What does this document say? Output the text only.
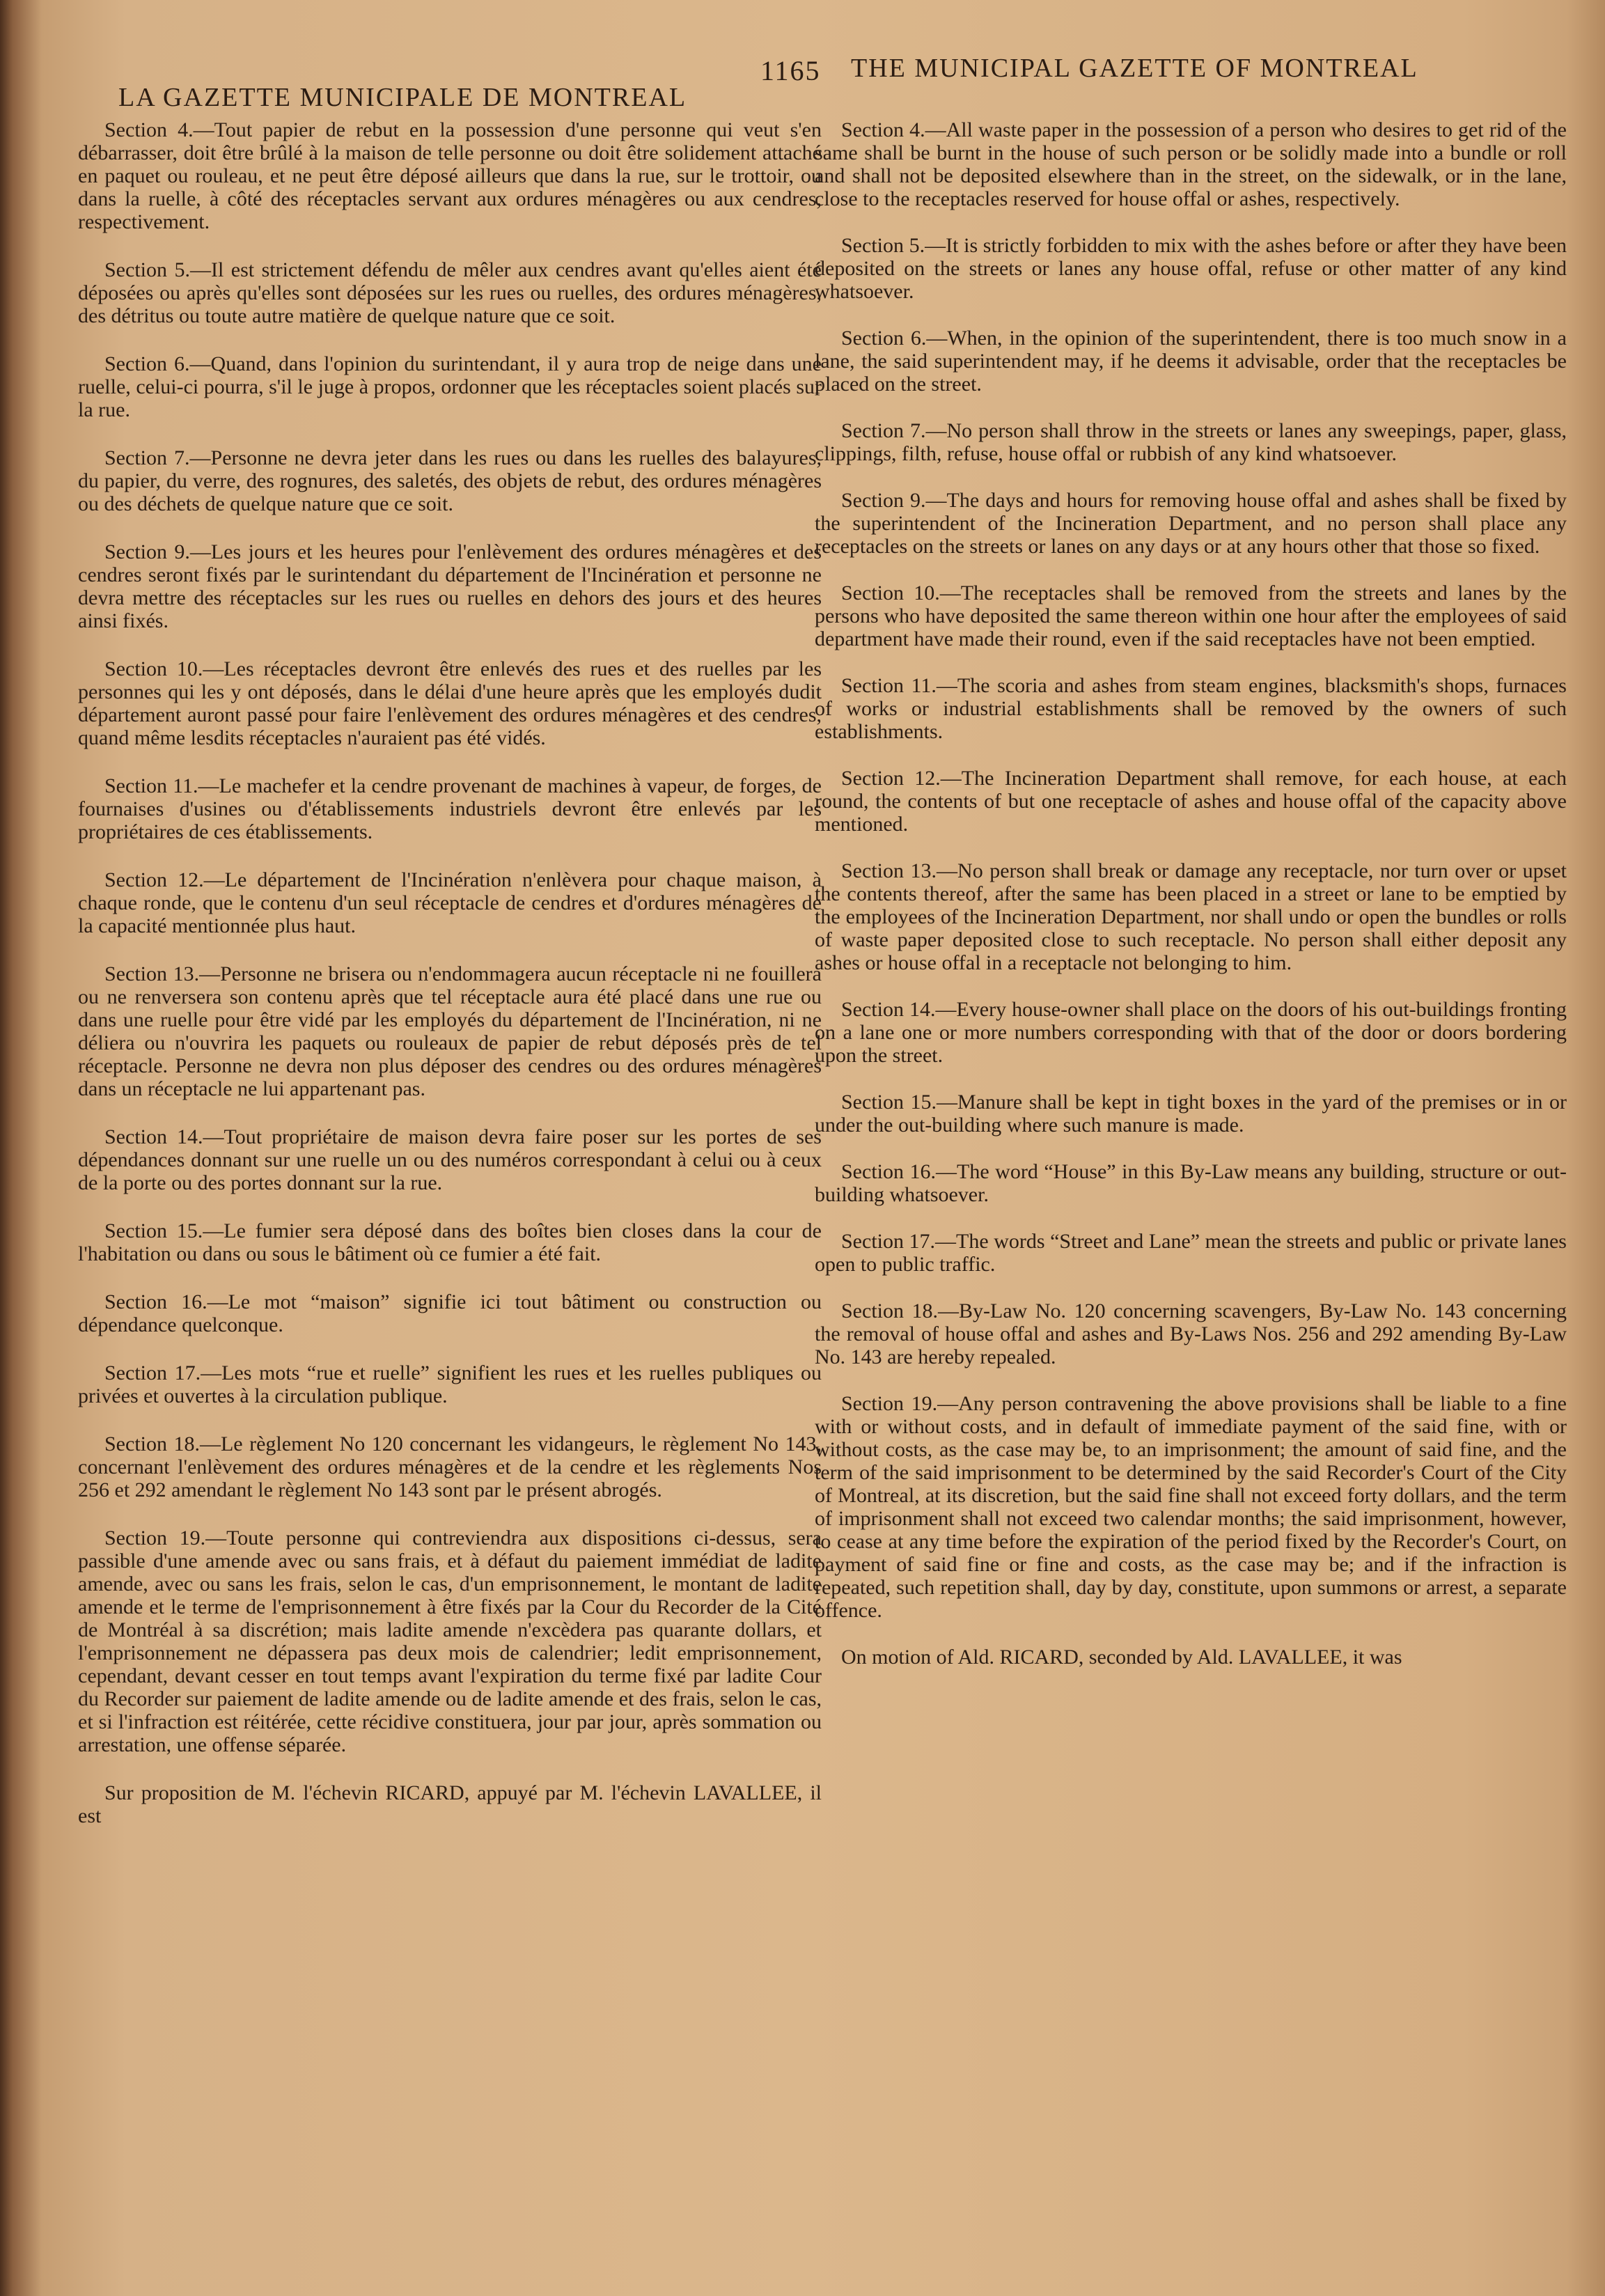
LA GAZETTE MUNICIPALE DE MONTREAL
1165 THE MUNICIPAL GAZETTE OF MONTREAL

Section 4.—Tout papier de rebut en la possession d'une personne qui veut s'en débarrasser, doit être brûlé à la maison de telle personne ou doit être solidement attaché en paquet ou rouleau, et ne peut être déposé ailleurs que dans la rue, sur le trottoir, ou dans la ruelle, à côté des réceptacles servant aux ordures ménagères ou aux cendres, respectivement.

Section 5.—Il est strictement défendu de mêler aux cendres avant qu'elles aient été déposées ou après qu'elles sont déposées sur les rues ou ruelles, des ordures ménagères, des détritus ou toute autre matière de quelque nature que ce soit.

Section 6.—Quand, dans l'opinion du surintendant, il y aura trop de neige dans une ruelle, celui-ci pourra, s'il le juge à propos, ordonner que les réceptacles soient placés sur la rue.

Section 7.—Personne ne devra jeter dans les rues ou dans les ruelles des balayures, du papier, du verre, des rognures, des saletés, des objets de rebut, des ordures ménagères ou des déchets de quelque nature que ce soit.

Section 9.—Les jours et les heures pour l'enlèvement des ordures ménagères et des cendres seront fixés par le surintendant du département de l'Incinération et personne ne devra mettre des réceptacles sur les rues ou ruelles en dehors des jours et des heures ainsi fixés.

Section 10.—Les réceptacles devront être enlevés des rues et des ruelles par les personnes qui les y ont déposés, dans le délai d'une heure après que les employés dudit département auront passé pour faire l'enlèvement des ordures ménagères et des cendres, quand même lesdits réceptacles n'auraient pas été vidés.

Section 11.—Le machefer et la cendre provenant de machines à vapeur, de forges, de fournaises d'usines ou d'établissements industriels devront être enlevés par les propriétaires de ces établissements.

Section 12.—Le département de l'Incinération n'enlèvera pour chaque maison, à chaque ronde, que le contenu d'un seul réceptacle de cendres et d'ordures ménagères de la capacité mentionnée plus haut.

Section 13.—Personne ne brisera ou n'endommagera aucun réceptacle ni ne fouillera ou ne renversera son contenu après que tel réceptacle aura été placé dans une rue ou dans une ruelle pour être vidé par les employés du département de l'Incinération, ni ne déliera ou n'ouvrira les paquets ou rouleaux de papier de rebut déposés près de tel réceptacle. Personne ne devra non plus déposer des cendres ou des ordures ménagères dans un réceptacle ne lui appartenant pas.

Section 14.—Tout propriétaire de maison devra faire poser sur les portes de ses dépendances donnant sur une ruelle un ou des numéros correspondant à celui ou à ceux de la porte ou des portes donnant sur la rue.

Section 15.—Le fumier sera déposé dans des boîtes bien closes dans la cour de l'habitation ou dans ou sous le bâtiment où ce fumier a été fait.

Section 16.—Le mot “maison” signifie ici tout bâtiment ou construction ou dépendance quelconque.

Section 17.—Les mots “rue et ruelle” signifient les rues et les ruelles publiques ou privées et ouvertes à la circulation publique.

Section 18.—Le règlement No 120 concernant les vidangeurs, le règlement No 143, concernant l'enlèvement des ordures ménagères et de la cendre et les règlements Nos 256 et 292 amendant le règlement No 143 sont par le présent abrogés.

Section 19.—Toute personne qui contreviendra aux dispositions ci-dessus, sera passible d'une amende avec ou sans frais, et à défaut du paiement immédiat de ladite amende, avec ou sans les frais, selon le cas, d'un emprisonnement, le montant de ladite amende et le terme de l'emprisonnement à être fixés par la Cour du Recorder de la Cité de Montréal à sa discrétion; mais ladite amende n'excèdera pas quarante dollars, et l'emprisonnement ne dépassera pas deux mois de calendrier; ledit emprisonnement, cependant, devant cesser en tout temps avant l'expiration du terme fixé par ladite Cour du Recorder sur paiement de ladite amende ou de ladite amende et des frais, selon le cas, et si l'infraction est réitérée, cette récidive constituera, jour par jour, après sommation ou arrestation, une offense séparée.

Sur proposition de M. l'échevin RICARD, appuyé par M. l'échevin LAVALLEE, il est

Section 4.—All waste paper in the possession of a person who desires to get rid of the same shall be burnt in the house of such person or be solidly made into a bundle or roll and shall not be deposited elsewhere than in the street, on the sidewalk, or in the lane, close to the receptacles reserved for house offal or ashes, respectively.

Section 5.—It is strictly forbidden to mix with the ashes before or after they have been deposited on the streets or lanes any house offal, refuse or other matter of any kind whatsoever.

Section 6.—When, in the opinion of the superintendent, there is too much snow in a lane, the said superintendent may, if he deems it advisable, order that the receptacles be placed on the street.

Section 7.—No person shall throw in the streets or lanes any sweepings, paper, glass, clippings, filth, refuse, house offal or rubbish of any kind whatsoever.

Section 9.—The days and hours for removing house offal and ashes shall be fixed by the superintendent of the Incineration Department, and no person shall place any receptacles on the streets or lanes on any days or at any hours other that those so fixed.

Section 10.—The receptacles shall be removed from the streets and lanes by the persons who have deposited the same thereon within one hour after the employees of said department have made their round, even if the said receptacles have not been emptied.

Section 11.—The scoria and ashes from steam engines, blacksmith's shops, furnaces of works or industrial establishments shall be removed by the owners of such establishments.

Section 12.—The Incineration Department shall remove, for each house, at each round, the contents of but one receptacle of ashes and house offal of the capacity above mentioned.

Section 13.—No person shall break or damage any receptacle, nor turn over or upset the contents thereof, after the same has been placed in a street or lane to be emptied by the employees of the Incineration Department, nor shall undo or open the bundles or rolls of waste paper deposited close to such receptacle. No person shall either deposit any ashes or house offal in a receptacle not belonging to him.

Section 14.—Every house-owner shall place on the doors of his out-buildings fronting on a lane one or more numbers corresponding with that of the door or doors bordering upon the street.

Section 15.—Manure shall be kept in tight boxes in the yard of the premises or in or under the out-building where such manure is made.

Section 16.—The word “House” in this By-Law means any building, structure or out-building whatsoever.

Section 17.—The words “Street and Lane” mean the streets and public or private lanes open to public traffic.

Section 18.—By-Law No. 120 concerning scavengers, By-Law No. 143 concerning the removal of house offal and ashes and By-Laws Nos. 256 and 292 amending By-Law No. 143 are hereby repealed.

Section 19.—Any person contravening the above provisions shall be liable to a fine with or without costs, and in default of immediate payment of the said fine, with or without costs, as the case may be, to an imprisonment; the amount of said fine, and the term of the said imprisonment to be determined by the said Recorder's Court of the City of Montreal, at its discretion, but the said fine shall not exceed forty dollars, and the term of imprisonment shall not exceed two calendar months; the said imprisonment, however, to cease at any time before the expiration of the period fixed by the Recorder's Court, on payment of said fine or fine and costs, as the case may be; and if the infraction is repeated, such repetition shall, day by day, constitute, upon summons or arrest, a separate offence.

On motion of Ald. RICARD, seconded by Ald. LAVALLEE, it was
